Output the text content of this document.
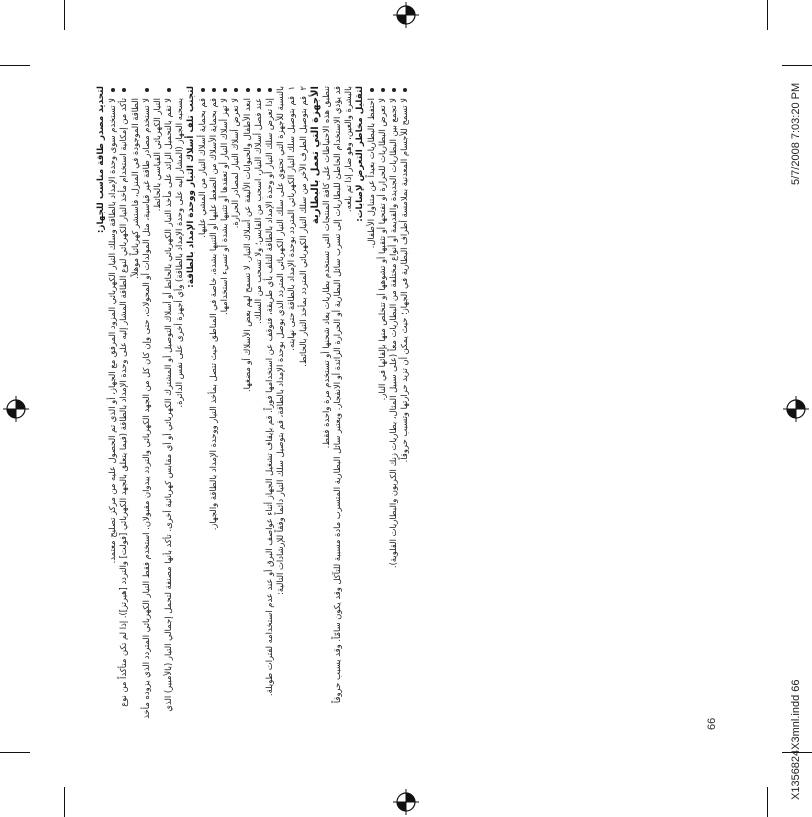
لتحديد مصدر طاقة مناسب للجهاز: لا تستخدم سوى وحدة الإمداد بالطاقة وسلك التيار الكهربائي المزود المرفق مع الجهاز، أو الذي تم الحصول عليه من مركز تصليح معتمد. تأكد من إمكانية استخدام مأخذ التيار الكهربائي لنوع الطاقة المشار إليه على وحدة الإمداد بالطاقة (فيما يتعلق بالجهد الكهربائي [فولت] والتردد [هيرتز]). إذا لم تكن متأكداً من نوع الطاقة الموجودة في المنزل، فاستشر كهربائياً موهلاً. لا تستخدم مصادر طاقة غير قياسية، مثل المولدات أو المحولات، حتى وإن كان كل من الجهد الكهربائي والتردد يبدوان مقبولان. استخدم فقط التيار الكهربائي المتردد الذي يزوده مأخذ التيار الكهربائي القياسي بالحائط. لا تقم بالتحميل الزائد على مأخذ التيار الكهربائي بالحائط أو أسلاك التوصيل أو المشترك الكهربائي أو أي مقابس كهربائية أخرى. تأكد بأنها مصنفة لتحمل إجمالي التيار (بالأمبير) الذي يسحبه الجهاز (المشار إليه على وحدة الإمداد بالطاقة) وأي أجهزة أخرى على نفس الدائرة. لتجنب تلف أسلاك التيار ووحدة الإمداد بالطاقة: قم بحماية أسلاك التيار من المشي عليها. قم بحماية الأسلاك من الضغط عليها أو الثنيها بشدة، خاصة في المناطق حيث تتصل بمأخذ التيار ووحدة الإمداد بالطاقة والجهاز. لا تهز أسلاك التيار أو تعقدها أو تثنيها بشدة أو تسيء استخدامها. لا تعرض أسلاك التيار لمصادر الحرارة. ابعد الأطفال والحيوانات الأليفة عن أسلاك التيار. لا تسمح لهم بعض الأسلاك أو مضغها. عند فصل أسلاك التيار، اسحب من القابس؛ ولا تسحب من السلك. إذا تعرض سلك التيار أو وحدة الإمداد بالطاقة للتلف بأي طريقة، فتوقف عن استخدامها فوراً. قم بإيقاف تشغيل الجهاز أثناء عواصف البرق أو عند عدم استخدامه لفترات طويلة. بالنسبة للأجهزة التي تحتوي على سلك التيار الكهربائي المتردد الذي يوصل بوحدة الإمداد بالطاقة، قم بتوصيل سلك التيار دائماً وفقاً للإرشادات التالية: ١قم بتوصيل سلك التيار الكهربائي المتردد بوحدة الإمداد بالطاقة حتى نهايته.

٢قم بتوصيل الطرف الآخر من سلك التيار الكهربائي المتردد بمأخذ التيار بالحائط. الأجهزة التي تعمل بالبطارية تنطبق هذه الاحتياطات على كافة المنتجات التي تستخدم بطاريات يعاد شحنها أو تستخدم مرة واحدة فقط. قد يؤدي الاستخدام الخاطئ للبطاريات إلى تسرب سائل البطارية أو الحرارة الزائدة أو الانفجار. ويعتبر سائل البطارية المتسرب مادة مسببة للتآكل وقد يكون سامّاً. وقد يسبب حروقاً بالبشرة والعين، وهو ضار إذا تم بلعه. لتقليل مخاطر التعرض لإصابات: احتفظ بالبطاريات بعيداً عن متناول الأطفال. لا تعرض البطاريات للحرارة أو تفتحها أو تثقبها أو تشوهها أو تتخلص منها بإلقائها في النار. لا تجمع بين البطاريات الجديدة والقديمة أو أنواع مختلفة من البطاريات معاً (على سبيل المثال، بطاريات زنك الكربون والبطاريات القلوية). لا تسمح للأجسام المعدنية بملامسة أطراف البطارية في الجهاز؛ حيث يمكن أن تزيد حرارتها وتسبب حروقاً.

66	X1356824X3mnl.indd 66
5/7/2008 7:03:20 PM
